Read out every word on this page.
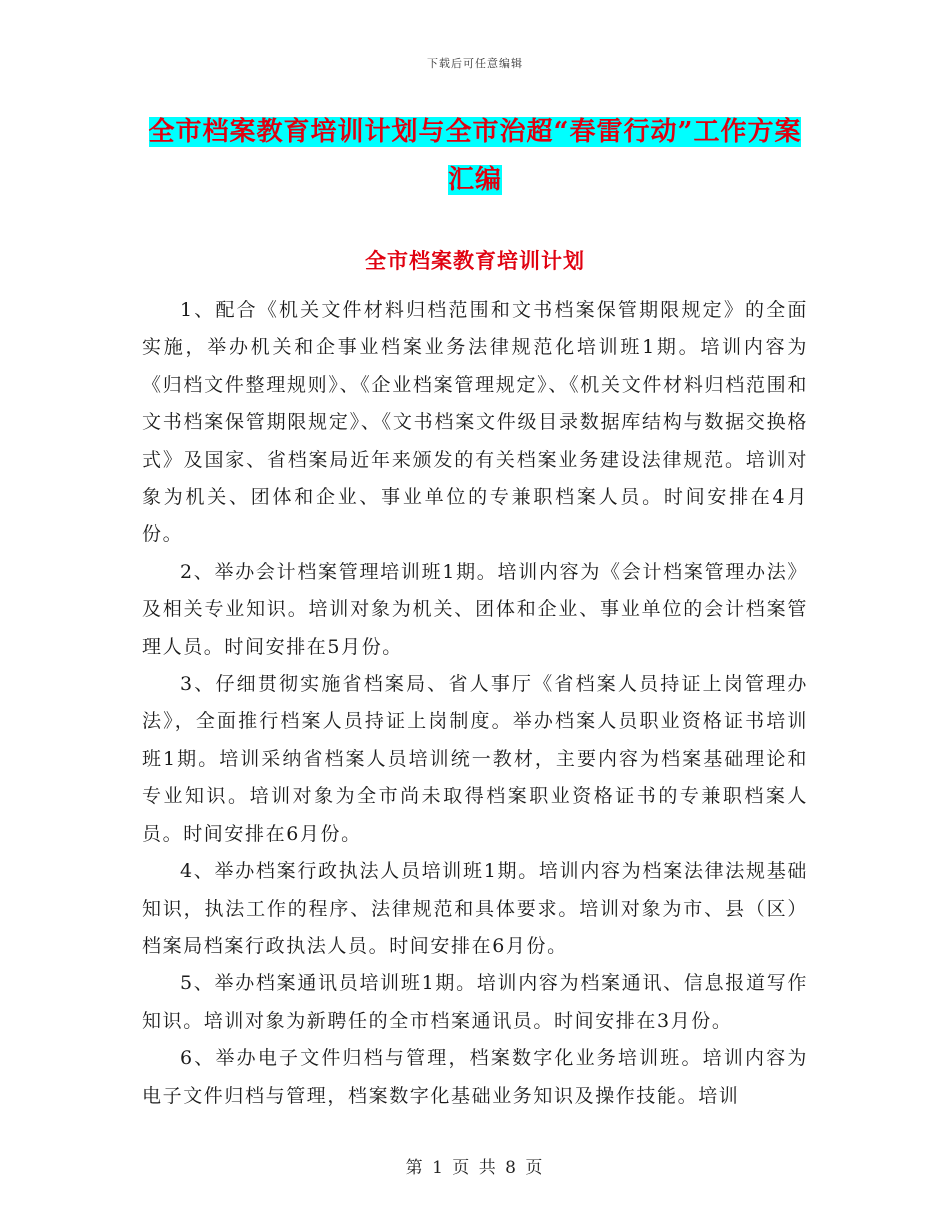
下载后可任意编辑
全市档案教育培训计划与全市治超“春雷行动”工作方案汇编
全市档案教育培训计划

1、配合《机关文件材料归档范围和文书档案保管期限规定》的全面实施，举办机关和企事业档案业务法律规范化培训班1期。培训内容为《归档文件整理规则》、《企业档案管理规定》、《机关文件材料归档范围和文书档案保管期限规定》、《文书档案文件级目录数据库结构与数据交换格式》及国家、省档案局近年来颁发的有关档案业务建设法律规范。培训对象为机关、团体和企业、事业单位的专兼职档案人员。时间安排在4月份。

2、举办会计档案管理培训班1期。培训内容为《会计档案管理办法》及相关专业知识。培训对象为机关、团体和企业、事业单位的会计档案管理人员。时间安排在5月份。

3、仔细贯彻实施省档案局、省人事厅《省档案人员持证上岗管理办法》，全面推行档案人员持证上岗制度。举办档案人员职业资格证书培训班1期。培训采纳省档案人员培训统一教材，主要内容为档案基础理论和专业知识。培训对象为全市尚未取得档案职业资格证书的专兼职档案人员。时间安排在6月份。

4、举办档案行政执法人员培训班1期。培训内容为档案法律法规基础知识，执法工作的程序、法律规范和具体要求。培训对象为市、县（区）档案局档案行政执法人员。时间安排在6月份。

5、举办档案通讯员培训班1期。培训内容为档案通讯、信息报道写作知识。培训对象为新聘任的全市档案通讯员。时间安排在3月份。

6、举办电子文件归档与管理，档案数字化业务培训班。培训内容为电子文件归档与管理，档案数字化基础业务知识及操作技能。培训

第 1 页 共 8 页
